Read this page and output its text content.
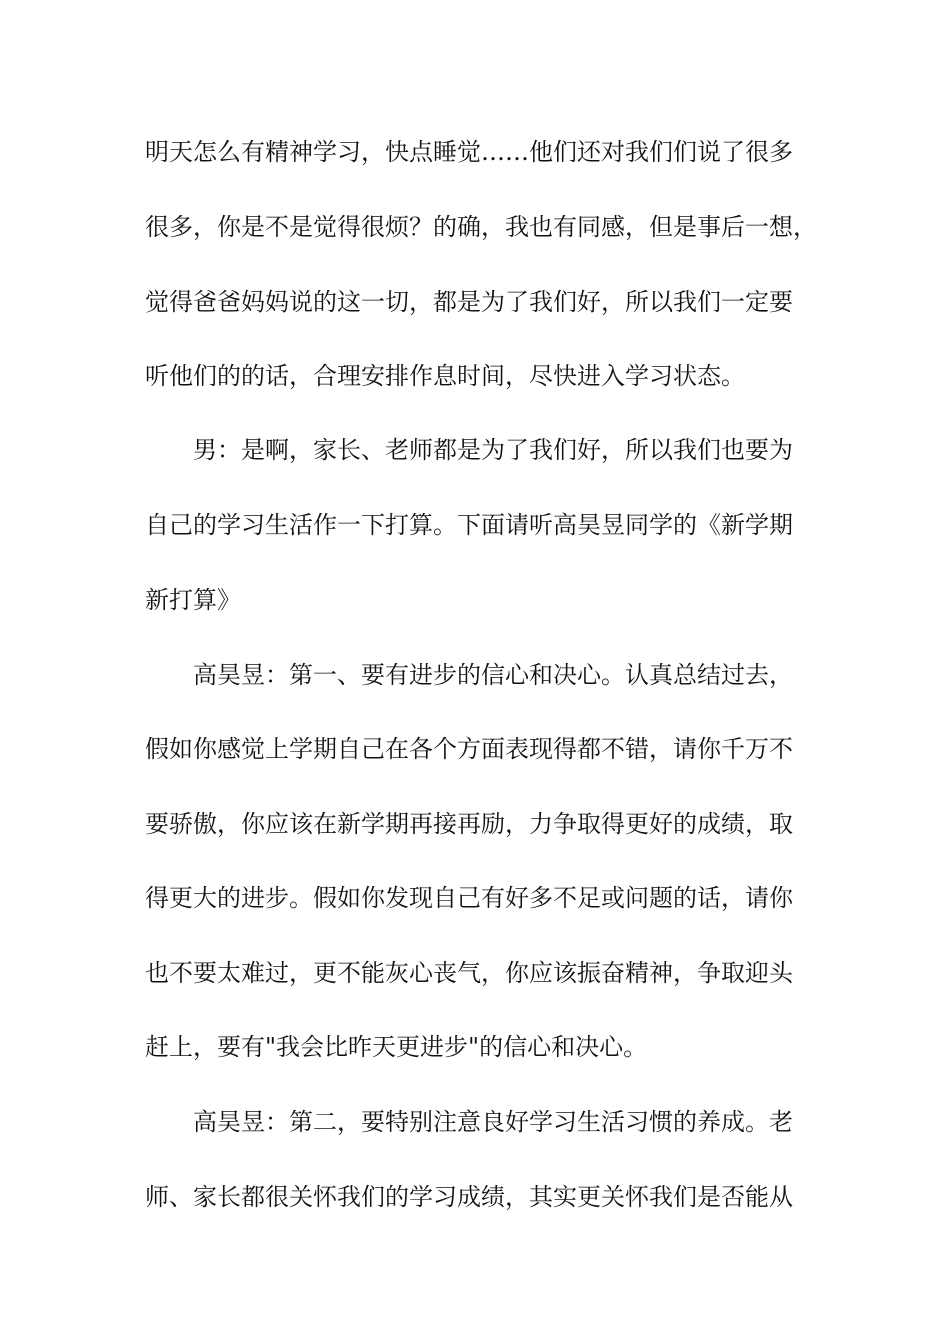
明天怎么有精神学习，快点睡觉……他们还对我们们说了很多
很多，你是不是觉得很烦？的确，我也有同感，但是事后一想，
觉得爸爸妈妈说的这一切，都是为了我们好，所以我们一定要
听他们的的话，合理安排作息时间，尽快进入学习状态。
男：是啊，家长、老师都是为了我们好，所以我们也要为
自己的学习生活作一下打算。下面请听高昊昱同学的《新学期
新打算》
高昊昱：第一、要有进步的信心和决心。认真总结过去，
假如你感觉上学期自己在各个方面表现得都不错，请你千万不
要骄傲，你应该在新学期再接再励，力争取得更好的成绩，取
得更大的进步。假如你发现自己有好多不足或问题的话，请你
也不要太难过，更不能灰心丧气，你应该振奋精神，争取迎头
赶上，要有"我会比昨天更进步"的信心和决心。
高昊昱：第二，要特别注意良好学习生活习惯的养成。老
师、家长都很关怀我们的学习成绩，其实更关怀我们是否能从
